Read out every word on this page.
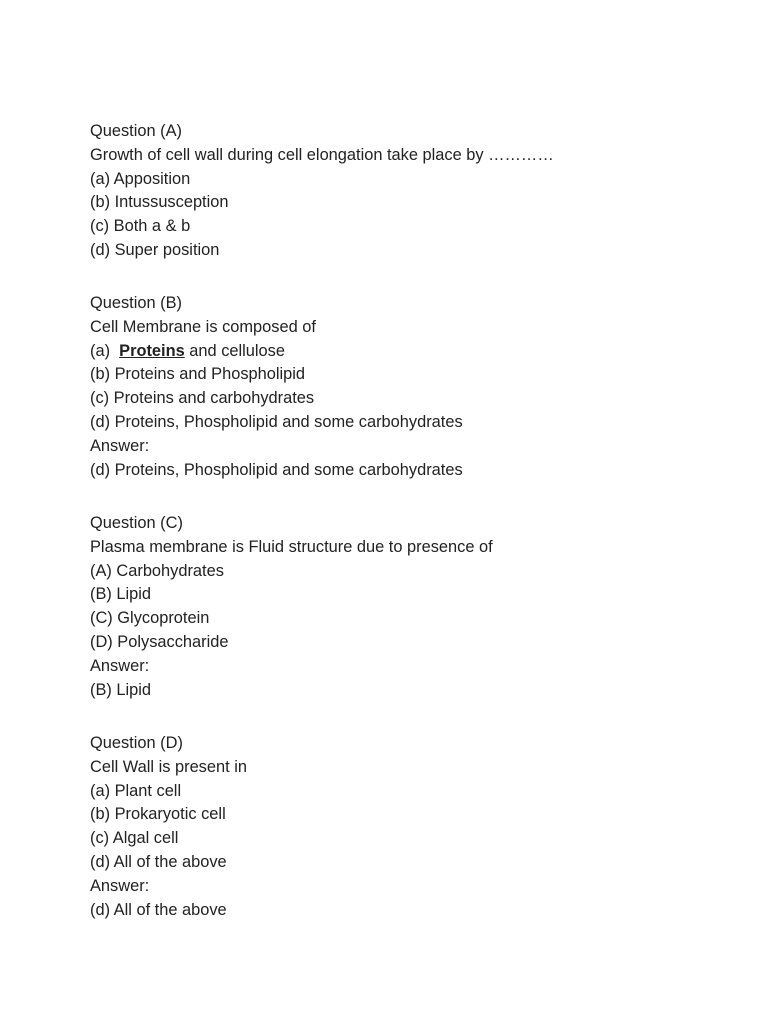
Question (A)

Growth of cell wall during cell elongation take place by …………

(a) Apposition

(b) Intussusception

(c) Both a & b

(d) Super position

Question (B)

Cell Membrane is composed of

(a)  Proteins and cellulose

(b) Proteins and Phospholipid

(c) Proteins and carbohydrates

(d) Proteins, Phospholipid and some carbohydrates

Answer:

(d) Proteins, Phospholipid and some carbohydrates

Question (C)

Plasma membrane is Fluid structure due to presence of

(A) Carbohydrates

(B) Lipid

(C) Glycoprotein

(D) Polysaccharide

Answer:

(B) Lipid

Question (D)

Cell Wall is present in

(a) Plant cell

(b) Prokaryotic cell

(c) Algal cell

(d) All of the above

Answer:

(d) All of the above
